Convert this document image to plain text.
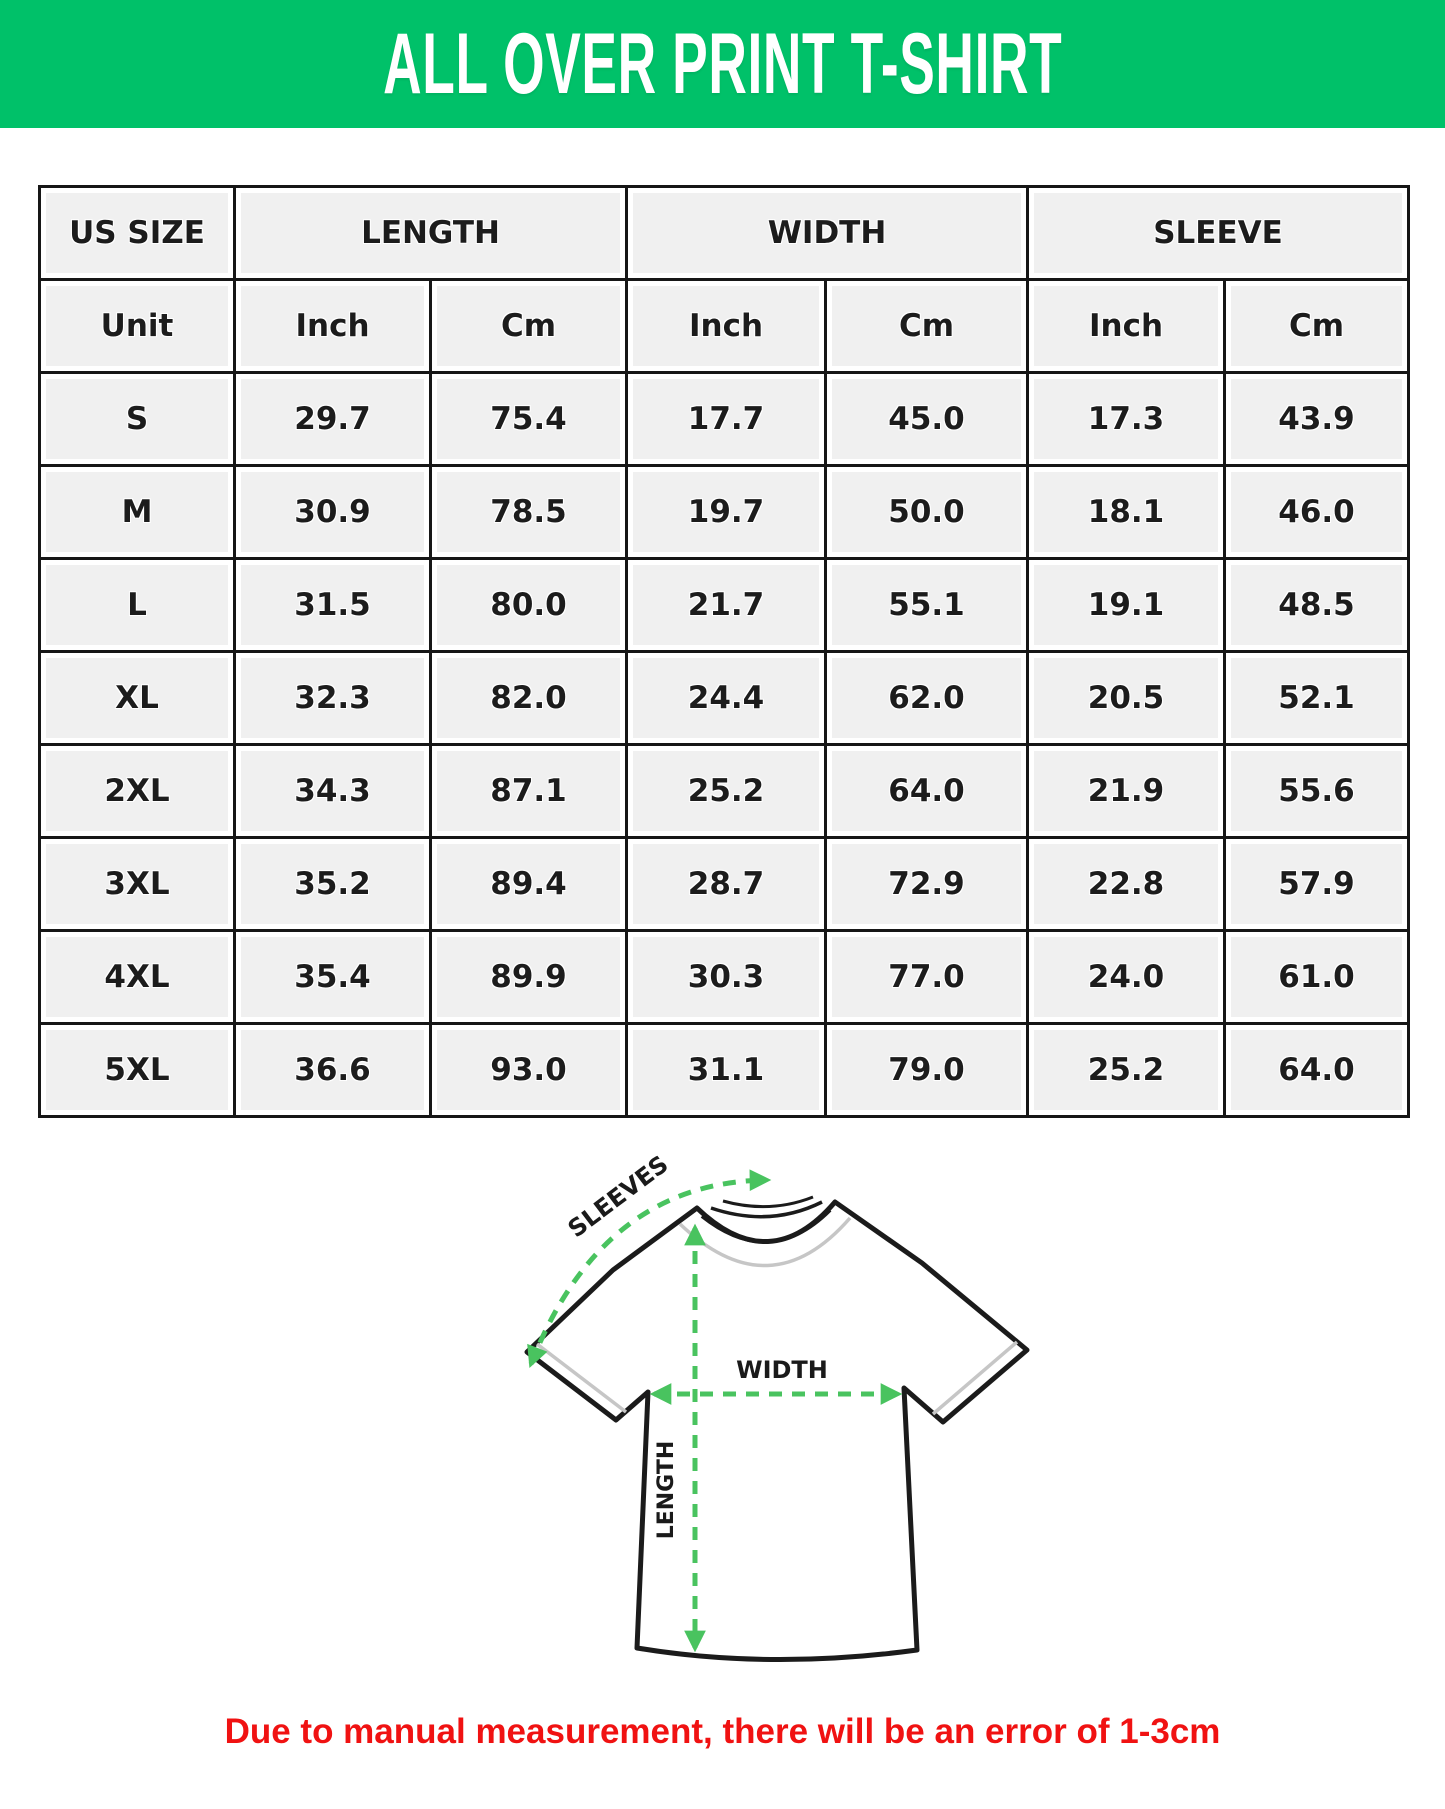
ALL OVER PRINT T-SHIRT
US SIZE	LENGTH		WIDTH		SLEEVE	
Unit	Inch	Cm	Inch	Cm	Inch	Cm
S	29.7	75.4	17.7	45.0	17.3	43.9
M	30.9	78.5	19.7	50.0	18.1	46.0
L	31.5	80.0	21.7	55.1	19.1	48.5
XL	32.3	82.0	24.4	62.0	20.5	52.1
2XL	34.3	87.1	25.2	64.0	21.9	55.6
3XL	35.2	89.4	28.7	72.9	22.8	57.9
4XL	35.4	89.9	30.3	77.0	24.0	61.0
5XL	36.6	93.0	31.1	79.0	25.2	64.0
SLEEVES
WIDTH
LENGTH
Due to manual measurement, there will be an error of 1-3cm
